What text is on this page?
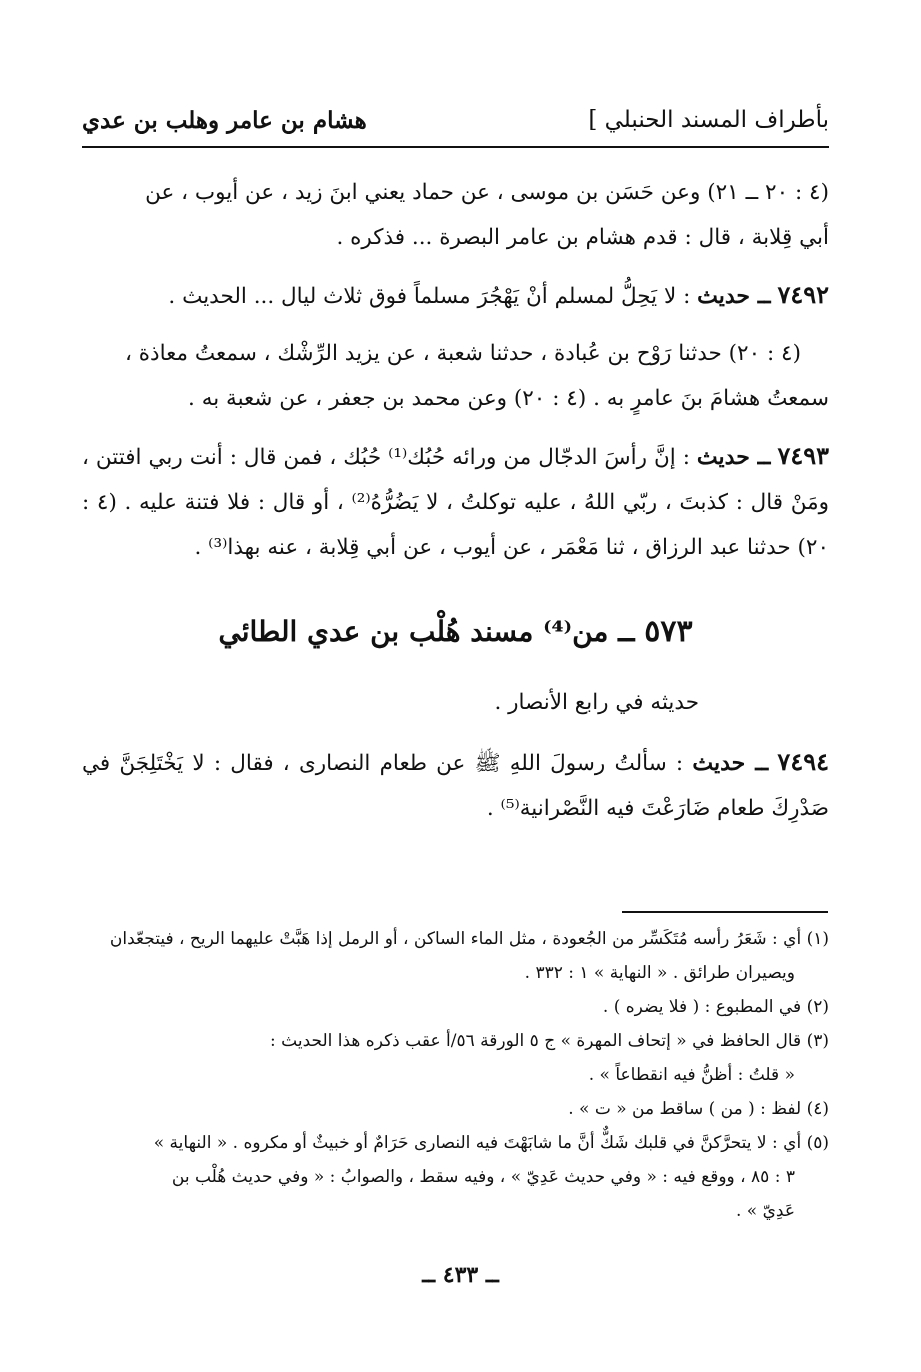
بأطراف المسند الحنبلي ]
هشام بن عامر وهلب بن عدي

(٤ : ٢٠ ــ ٢١) وعن حَسَن بن موسى ، عن حماد يعني ابنَ زيد ، عن أيوب ، عن

أبي قِلابة ، قال : قدم هشام بن عامر البصرة ... فذكره .

٧٤٩٢ ــ حديث : لا يَحِلُّ لمسلم أنْ يَهْجُرَ مسلماً فوق ثلاث ليال ... الحديث .

(٤ : ٢٠) حدثنا رَوْح بن عُبادة ، حدثنا شعبة ، عن يزيد الرِّشْك ، سمعتُ معاذة ،

سمعتُ هشامَ بنَ عامرٍ به . (٤ : ٢٠) وعن محمد بن جعفر ، عن شعبة به .

٧٤٩٣ ــ حديث : إنَّ رأسَ الدجّال من ورائه حُبُك⁽¹⁾ حُبُك ، فمن قال : أنت ربي افتتن ، ومَنْ قال : كذبتَ ، ربّي اللهُ ، عليه توكلتُ ، لا يَضُرُّهُ⁽²⁾ ، أو قال : فلا فتنة عليه . (٤ : ٢٠) حدثنا عبد الرزاق ، ثنا مَعْمَر ، عن أيوب ، عن أبي قِلابة ، عنه بهذا⁽³⁾ .

٥٧٣ ــ من⁽⁴⁾ مسند هُلْب بن عدي الطائي

حديثه في رابع الأنصار .

٧٤٩٤ ــ حديث : سألتُ رسولَ اللهِ ﷺ عن طعام النصارى ، فقال : لا يَخْتَلِجَنَّ في صَدْرِكَ طعام ضَارَعْتَ فيه النَّصْرانية⁽⁵⁾ .

(١) أي : شَعَرُ رأسه مُتَكَسِّر من الجُعودة ، مثل الماء الساكن ، أو الرمل إذا هَبَّتْ عليهما الريح ، فيتجعّدان
ويصيران طرائق . « النهاية » ١ : ٣٣٢ .
(٢) في المطبوع : ( فلا يضره ) .
(٣) قال الحافظ في « إتحاف المهرة » ج ٥ الورقة ٥٦/أ عقب ذكره هذا الحديث :
« قلتُ : أظنُّ فيه انقطاعاً » .
(٤) لفظ : ( من ) ساقط من « ت » .
(٥) أي : لا يتحرَّكنَّ في قلبك شَكٌّ أنَّ ما شابَهْتَ فيه النصارى حَرَامٌ أو خبيثٌ أو مكروه . « النهاية »
٣ : ٨٥ ، ووقع فيه : « وفي حديث عَدِيّ » ، وفيه سقط ، والصوابُ : « وفي حديث هُلْب بن
عَدِيّ » .
ــ ٤٣٣ ــ
